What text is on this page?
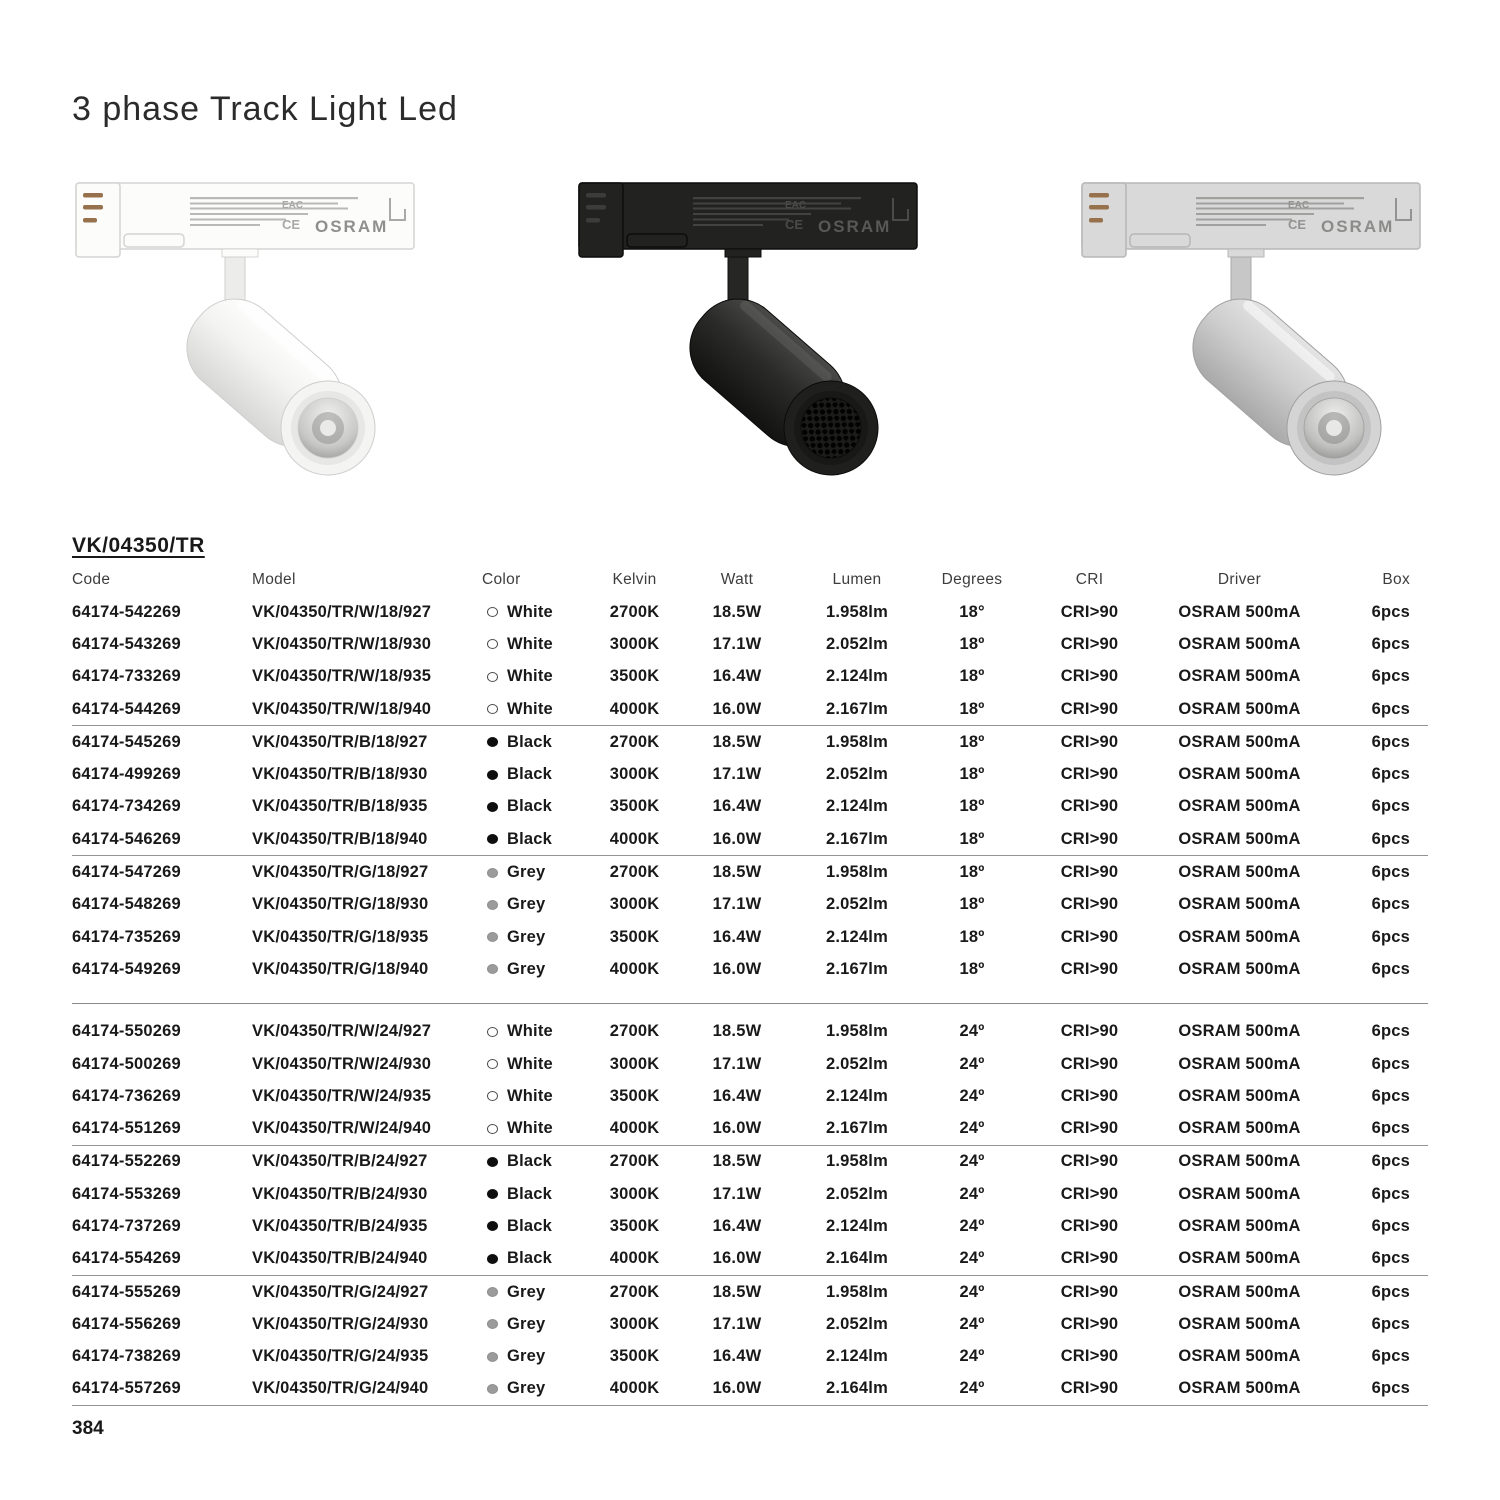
3 phase Track Light Led
EAC
CE OSRAM
EAC
CE OSRAM
EAC
CE OSRAM
VK/04350/TR
Code	Model	Color	Kelvin	Watt	Lumen	Degrees	CRI	Driver	Box
64174-542269	VK/04350/TR/W/18/927	White	2700K	18.5W	1.958lm	18°	CRI>90	OSRAM 500mA	6pcs
64174-543269	VK/04350/TR/W/18/930	White	3000K	17.1W	2.052lm	18º	CRI>90	OSRAM 500mA	6pcs
64174-733269	VK/04350/TR/W/18/935	White	3500K	16.4W	2.124lm	18º	CRI>90	OSRAM 500mA	6pcs
64174-544269	VK/04350/TR/W/18/940	White	4000K	16.0W	2.167lm	18º	CRI>90	OSRAM 500mA	6pcs
64174-545269	VK/04350/TR/B/18/927	Black	2700K	18.5W	1.958lm	18º	CRI>90	OSRAM 500mA	6pcs
64174-499269	VK/04350/TR/B/18/930	Black	3000K	17.1W	2.052lm	18º	CRI>90	OSRAM 500mA	6pcs
64174-734269	VK/04350/TR/B/18/935	Black	3500K	16.4W	2.124lm	18º	CRI>90	OSRAM 500mA	6pcs
64174-546269	VK/04350/TR/B/18/940	Black	4000K	16.0W	2.167lm	18º	CRI>90	OSRAM 500mA	6pcs
64174-547269	VK/04350/TR/G/18/927	Grey	2700K	18.5W	1.958lm	18º	CRI>90	OSRAM 500mA	6pcs
64174-548269	VK/04350/TR/G/18/930	Grey	3000K	17.1W	2.052lm	18º	CRI>90	OSRAM 500mA	6pcs
64174-735269	VK/04350/TR/G/18/935	Grey	3500K	16.4W	2.124lm	18º	CRI>90	OSRAM 500mA	6pcs
64174-549269	VK/04350/TR/G/18/940	Grey	4000K	16.0W	2.167lm	18º	CRI>90	OSRAM 500mA	6pcs
64174-550269	VK/04350/TR/W/24/927	White	2700K	18.5W	1.958lm	24º	CRI>90	OSRAM 500mA	6pcs
64174-500269	VK/04350/TR/W/24/930	White	3000K	17.1W	2.052lm	24º	CRI>90	OSRAM 500mA	6pcs
64174-736269	VK/04350/TR/W/24/935	White	3500K	16.4W	2.124lm	24º	CRI>90	OSRAM 500mA	6pcs
64174-551269	VK/04350/TR/W/24/940	White	4000K	16.0W	2.167lm	24º	CRI>90	OSRAM 500mA	6pcs
64174-552269	VK/04350/TR/B/24/927	Black	2700K	18.5W	1.958lm	24º	CRI>90	OSRAM 500mA	6pcs
64174-553269	VK/04350/TR/B/24/930	Black	3000K	17.1W	2.052lm	24º	CRI>90	OSRAM 500mA	6pcs
64174-737269	VK/04350/TR/B/24/935	Black	3500K	16.4W	2.124lm	24º	CRI>90	OSRAM 500mA	6pcs
64174-554269	VK/04350/TR/B/24/940	Black	4000K	16.0W	2.164lm	24º	CRI>90	OSRAM 500mA	6pcs
64174-555269	VK/04350/TR/G/24/927	Grey	2700K	18.5W	1.958lm	24º	CRI>90	OSRAM 500mA	6pcs
64174-556269	VK/04350/TR/G/24/930	Grey	3000K	17.1W	2.052lm	24º	CRI>90	OSRAM 500mA	6pcs
64174-738269	VK/04350/TR/G/24/935	Grey	3500K	16.4W	2.124lm	24º	CRI>90	OSRAM 500mA	6pcs
64174-557269	VK/04350/TR/G/24/940	Grey	4000K	16.0W	2.164lm	24º	CRI>90	OSRAM 500mA	6pcs
384
